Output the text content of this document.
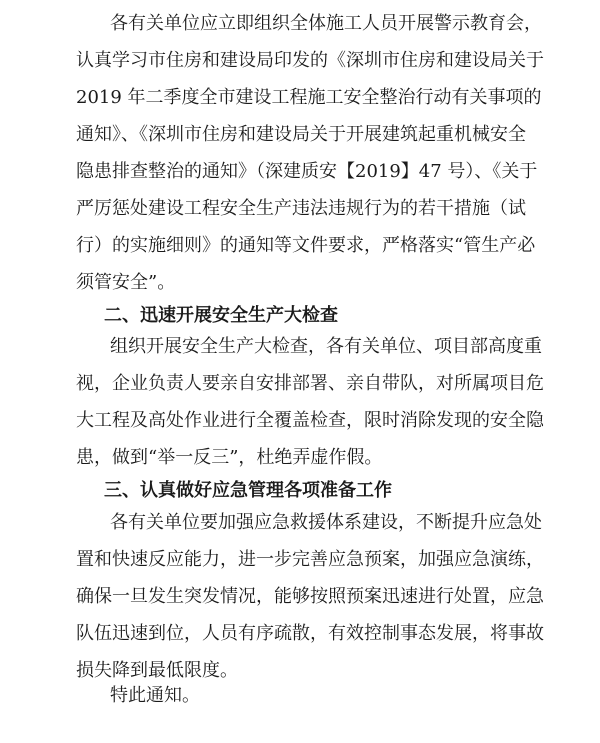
各有关单位应立即组织全体施工人员开展警示教育会，
认真学习市住房和建设局印发的《深圳市住房和建设局关于
2019 年二季度全市建设工程施工安全整治行动有关事项的
通知》、《深圳市住房和建设局关于开展建筑起重机械安全
隐患排查整治的通知》（深建质安【2019】47 号）、《关于
严厉惩处建设工程安全生产违法违规行为的若干措施（试
行）的实施细则》的通知等文件要求，严格落实“管生产必
须管安全”。

二、迅速开展安全生产大检查

组织开展安全生产大检查，各有关单位、项目部高度重
视，企业负责人要亲自安排部署、亲自带队，对所属项目危
大工程及高处作业进行全覆盖检查，限时消除发现的安全隐
患，做到“举一反三”，杜绝弄虚作假。

三、认真做好应急管理各项准备工作

各有关单位要加强应急救援体系建设，不断提升应急处
置和快速反应能力，进一步完善应急预案，加强应急演练，
确保一旦发生突发情况，能够按照预案迅速进行处置，应急
队伍迅速到位，人员有序疏散，有效控制事态发展，将事故
损失降到最低限度。

特此通知。
